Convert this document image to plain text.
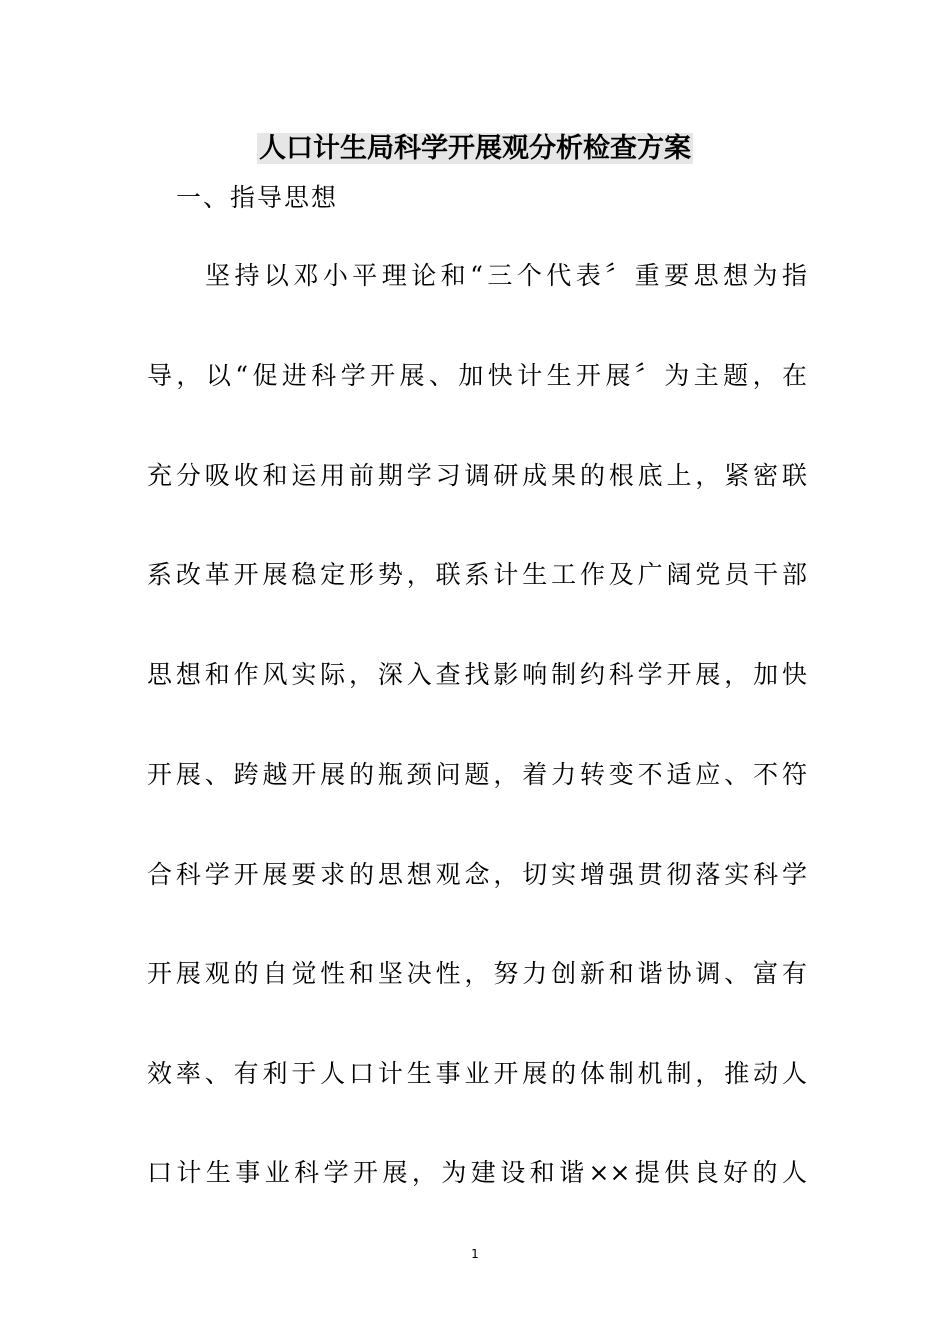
人口计生局科学开展观分析检查方案
一、指导思想
坚持以邓小平理论和“三个代表〞重要思想为指
导，以“促进科学开展、加快计生开展〞为主题，在
充分吸收和运用前期学习调研成果的根底上，紧密联
系改革开展稳定形势，联系计生工作及广阔党员干部
思想和作风实际，深入查找影响制约科学开展，加快
开展、跨越开展的瓶颈问题，着力转变不适应、不符
合科学开展要求的思想观念，切实增强贯彻落实科学
开展观的自觉性和坚决性，努力创新和谐协调、富有
效率、有利于人口计生事业开展的体制机制，推动人
口计生事业科学开展，为建设和谐××提供良好的人
1
